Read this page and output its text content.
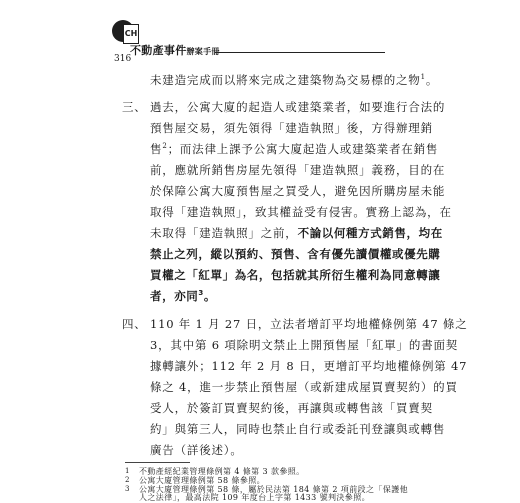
CH
不動產事件辦案手冊
316
未建造完成而以將來完成之建築物為交易標的之物$^1$。
三、 過去，公寓大廈的起造人或建築業者，如要進行合法的
預售屋交易，須先領得「建造執照」後，方得辦理銷
售$^2$；而法律上課予公寓大廈起造人或建築業者在銷售
前，應就所銷售房屋先領得「建造執照」義務，目的在
於保障公寓大廈預售屋之買受人，避免因所購房屋未能
取得「建造執照」，致其權益受有侵害。實務上認為，在
未取得「建造執照」之前，不論以何種方式銷售，均在
禁止之列，縱以預約、預售、含有優先讀價權或優先購
買權之「紅單」為名，包括就其所衍生權利為同意轉讓
者，亦同$^3$。
四、 110 年 1 月 27 日，立法者增訂平均地權條例第 47 條之
3，其中第 6 項除明文禁止上開預售屋「紅單」的書面契
據轉讓外；112 年 2 月 8 日，更增訂平均地權條例第 47
條之 4，進一步禁止預售屋（或新建成屋買賣契約）的買
受人，於簽訂買賣契約後，再讓與或轉售該「買賣契
約」與第三人，同時也禁止自行或委託刊登讓與或轉售
廣告（詳後述）。
1 不動產經紀業管理條例第 4 條第 3 款參照。
2 公寓大廈管理條例第 58 條參照。
3 公寓大廈管理條例第 58 條，屬於民法第 184 條第 2 項前段之「保護他
人之法律」，最高法院 109 年度台上字第 1433 號判決參照。
